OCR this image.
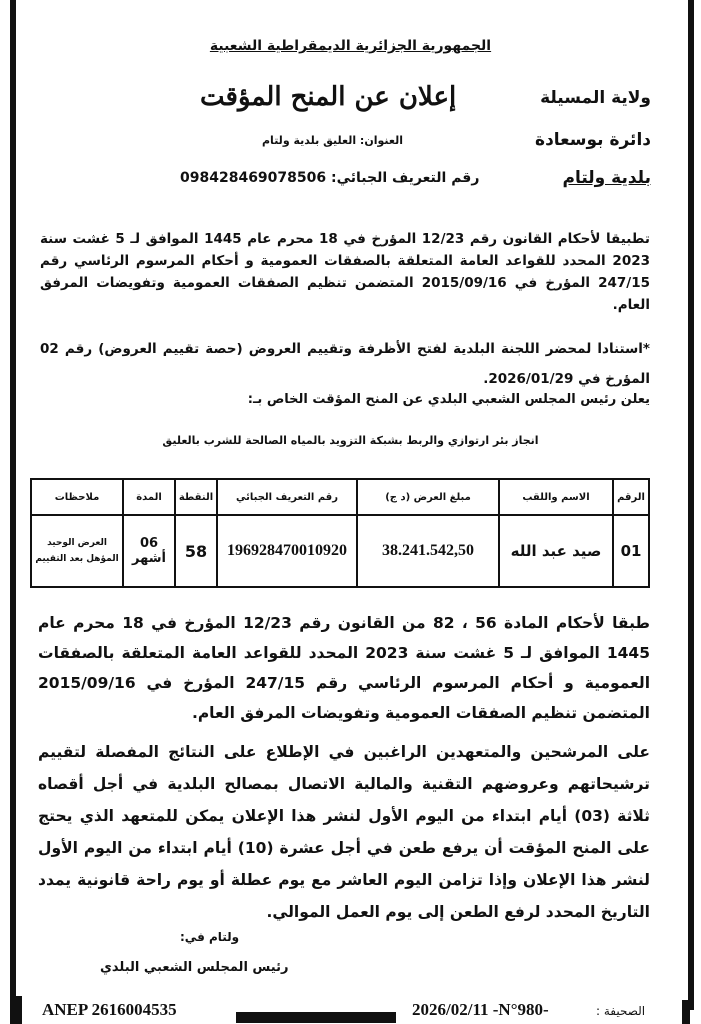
الجمهورية الجزائرية الديمقراطية الشعبية
إعلان عن المنح المؤقت	ولاية المسيلة
دائرة بوسعادة
بلدية ولتام
العنوان: العليق بلدية ولتام
رقم التعريف الجبائي: 098428469078506

تطبيقا لأحكام القانون رقم 12/23 المؤرخ في 18 محرم عام 1445 الموافق لـ 5 غشت سنة 2023 المحدد للقواعد العامة المتعلقة بالصفقات العمومية و أحكام المرسوم الرئاسي رقم 247/15 المؤرخ في 2015/09/16 المتضمن تنظيم الصفقات العمومية وتفويضات المرفق العام.

*استنادا لمحضر اللجنة البلدية لفتح الأظرفة وتقييم العروض (حصة تقييم العروض) رقم 02 المؤرخ في 2026/01/29.

يعلن رئيس المجلس الشعبي البلدي عن المنح المؤقت الخاص بـ:

انجاز بئر ارتوازي والربط بشبكة التزويد بالمياه الصالحة للشرب بالعليق
الرقم	الاسم واللقب	مبلغ العرض (د ج)	رقم التعريف الجبائي	النقطة	المدة	ملاحظات
01	صيد عبد الله	38.241.542,50	196928470010920	58	06 أشهر	العرض الوحيد المؤهل بعد التقييم

طبقا لأحكام المادة 56 ، 82 من القانون رقم 12/23 المؤرخ في 18 محرم عام 1445 الموافق لـ 5 غشت سنة 2023 المحدد للقواعد العامة المتعلقة بالصفقات العمومية و أحكام المرسوم الرئاسي رقم 247/15 المؤرخ في 2015/09/16 المتضمن تنظيم الصفقات العمومية وتفويضات المرفق العام.

على المرشحين والمتعهدين الراغبين في الإطلاع على النتائج المفصلة لتقييم ترشيحاتهم وعروضهم التقنية والمالية الاتصال بمصالح البلدية في أجل أقصاه ثلاثة (03) أيام ابتداء من اليوم الأول لنشر هذا الإعلان يمكن للمتعهد الذي يحتج على المنح المؤقت أن يرفع طعن في أجل عشرة (10) أيام ابتداء من اليوم الأول لنشر هذا الإعلان وإذا تزامن اليوم العاشر مع يوم عطلة أو يوم راحة قانونية يمدد التاريخ المحدد لرفع الطعن إلى يوم العمل الموالي.

ولتام في:
رئيس المجلس الشعبي البلدي
ANEP 2616004535	2026/02/11 -N°980-	الصحيفة :
